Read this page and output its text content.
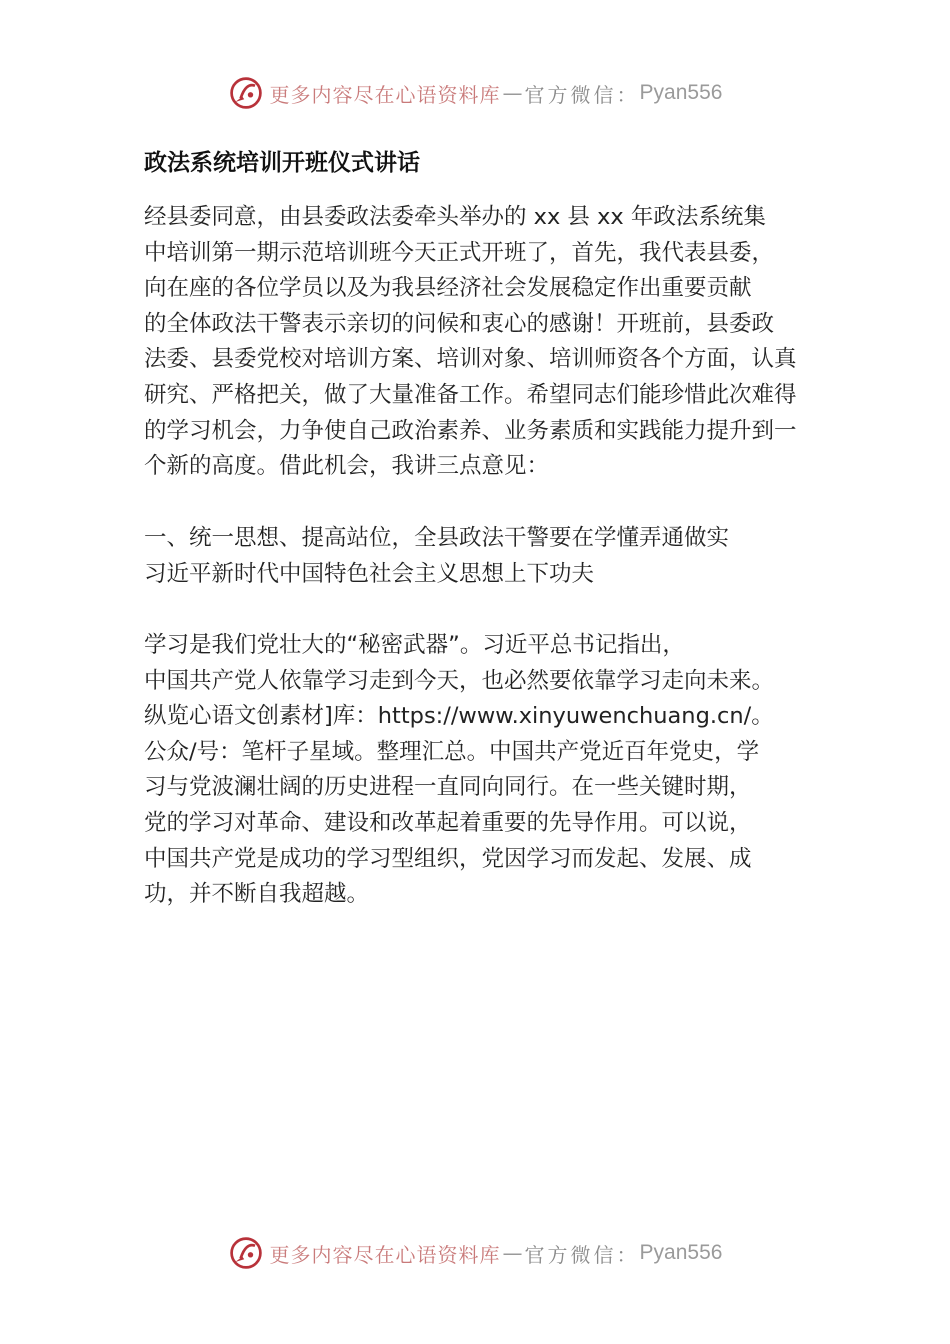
更多内容尽在心语资料库 — 官方微信： Pyan556
政法系统培训开班仪式讲话

经县委同意，由县委政法委牵头举办的 xx 县 xx 年政法系统集
中培训第一期示范培训班今天正式开班了，首先，我代表县委，
向在座的各位学员以及为我县经济社会发展稳定作出重要贡献
的全体政法干警表示亲切的问候和衷心的感谢！开班前，县委政
法委、县委党校对培训方案、培训对象、培训师资各个方面，认真
研究、严格把关，做了大量准备工作。希望同志们能珍惜此次难得
的学习机会，力争使自己政治素养、业务素质和实践能力提升到一
个新的高度。借此机会，我讲三点意见：

一、统一思想、提高站位，全县政法干警要在学懂弄通做实
习近平新时代中国特色社会主义思想上下功夫

学习是我们党壮大的“秘密武器”。习近平总书记指出，
中国共产党人依靠学习走到今天，也必然要依靠学习走向未来。
纵览心语文创素材]库：https://www.xinyuwenchuang.cn/。
公众/号：笔杆子星域。整理汇总。中国共产党近百年党史，学
习与党波澜壮阔的历史进程一直同向同行。在一些关键时期，
党的学习对革命、建设和改革起着重要的先导作用。可以说，
中国共产党是成功的学习型组织，党因学习而发起、发展、成
功，并不断自我超越。

更多内容尽在心语资料库 — 官方微信： Pyan556
